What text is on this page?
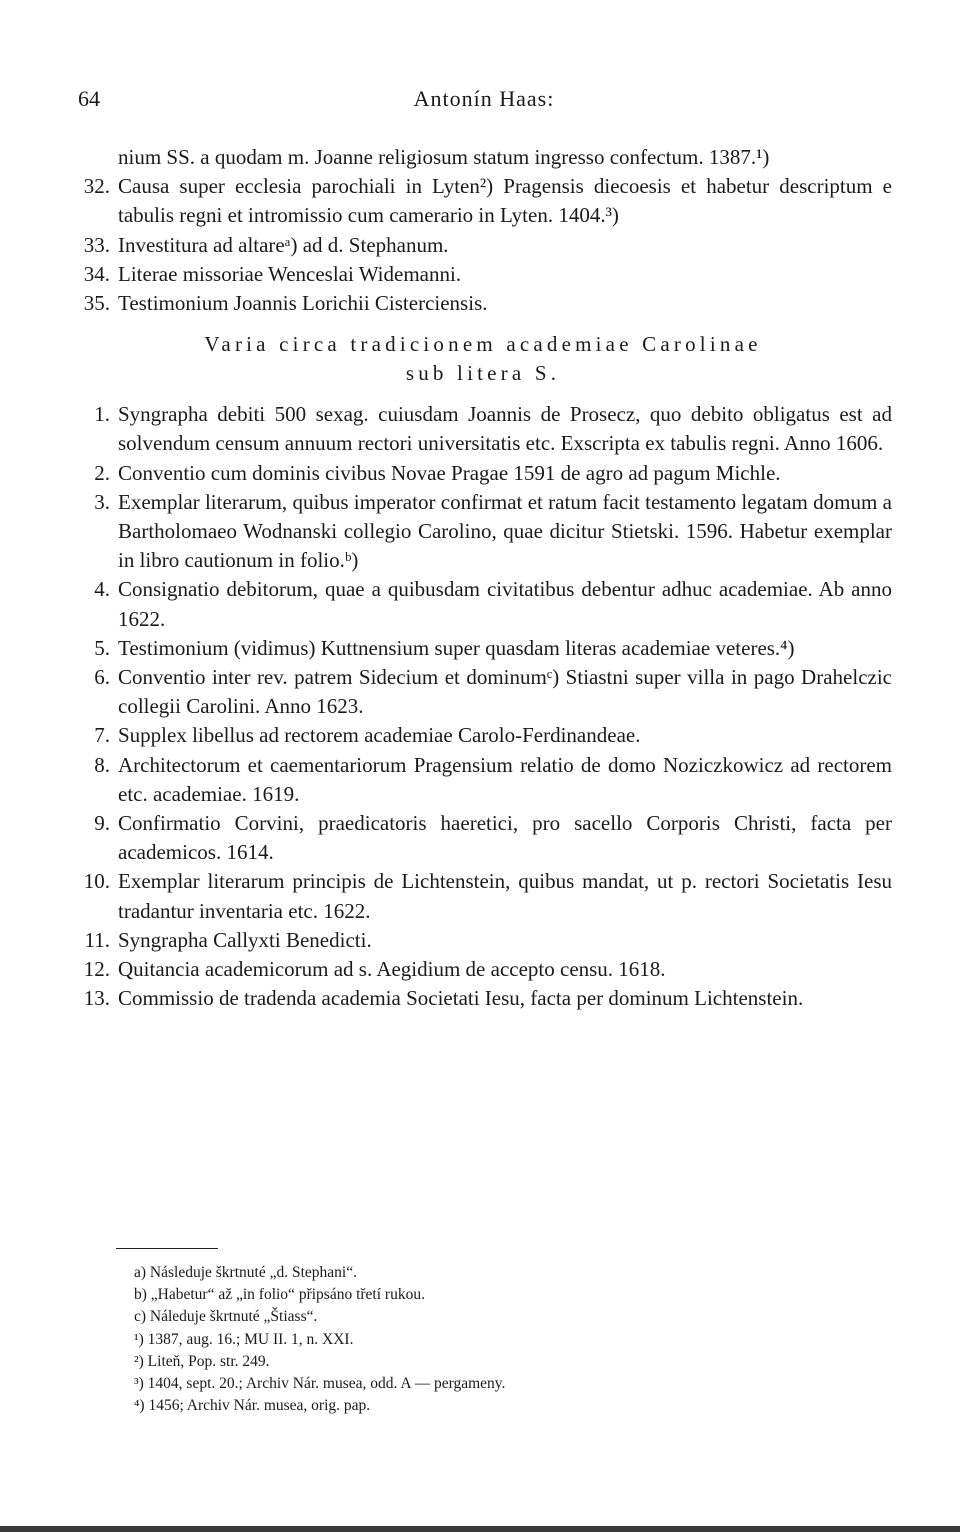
64	Antonín Haas:
nium SS. a quodam m. Joanne religiosum statum ingresso confectum. 1387.¹)
32. Causa super ecclesia parochiali in Lyten²) Pragensis diecoesis et habetur descriptum e tabulis regni et intromissio cum camerario in Lyten. 1404.³)
33. Investitura ad altareᵃ) ad d. Stephanum.
34. Literae missoriae Wenceslai Widemanni.
35. Testimonium Joannis Lorichii Cisterciensis.
Varia circa tradicionem academiae Carolinae
sub litera S.
1. Syngrapha debiti 500 sexag. cuiusdam Joannis de Prosecz, quo debito obligatus est ad solvendum censum annuum rectori universitatis etc. Exscripta ex tabulis regni. Anno 1606.
2. Conventio cum dominis civibus Novae Pragae 1591 de agro ad pagum Michle.
3. Exemplar literarum, quibus imperator confirmat et ratum facit testamento legatam domum a Bartholomaeo Wodnanski collegio Carolino, quae dicitur Stietski. 1596. Habetur exemplar in libro cautionum in folio.ᵇ)
4. Consignatio debitorum, quae a quibusdam civitatibus debentur adhuc academiae. Ab anno 1622.
5. Testimonium (vidimus) Kuttnensium super quasdam literas academiae veteres.⁴)
6. Conventio inter rev. patrem Sidecium et dominumᶜ) Stiastni super villa in pago Drahelczic collegii Carolini. Anno 1623.
7. Supplex libellus ad rectorem academiae Carolo-Ferdinandeae.
8. Architectorum et caementariorum Pragensium relatio de domo Noziczkowicz ad rectorem etc. academiae. 1619.
9. Confirmatio Corvini, praedicatoris haeretici, pro sacello Corporis Christi, facta per academicos. 1614.
10. Exemplar literarum principis de Lichtenstein, quibus mandat, ut p. rectori Societatis Iesu tradantur inventaria etc. 1622.
11. Syngrapha Callyxti Benedicti.
12. Quitancia academicorum ad s. Aegidium de accepto censu. 1618.
13. Commissio de tradenda academia Societati Iesu, facta per dominum Lichtenstein.
a) Následuje škrtnuté „d. Stephani“.
b) „Habetur“ až „in folio“ připsáno třetí rukou.
c) Náleduje škrtnuté „Štiass“.
¹) 1387, aug. 16.; MU II. 1, n. XXI.
²) Liteň, Pop. str. 249.
³) 1404, sept. 20.; Archiv Nár. musea, odd. A — pergameny.
⁴) 1456; Archiv Nár. musea, orig. pap.
